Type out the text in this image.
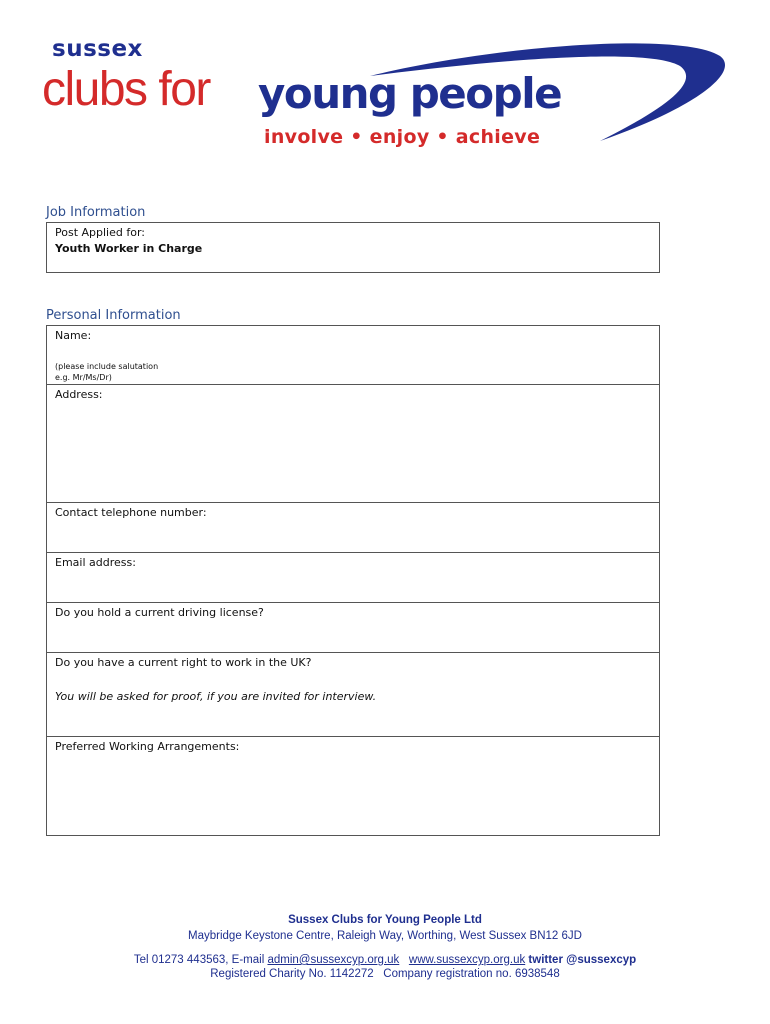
sussex
clubs for young people
involve • enjoy • achieve
Job Information
Post Applied for:
Youth Worker in Charge
Personal Information
Name:
(please include salutation
e.g. Mr/Ms/Dr)
Address:
Contact telephone number:
Email address:
Do you hold a current driving license?
Do you have a current right to work in the UK?
You will be asked for proof, if you are invited for interview.
Preferred Working Arrangements:
Sussex Clubs for Young People Ltd
Maybridge Keystone Centre, Raleigh Way, Worthing, West Sussex BN12 6JD
Tel 01273 443563, E-mail admin@sussexcyp.org.uk www.sussexcyp.org.uk twitter @sussexcyp
Registered Charity No. 1142272 Company registration no. 6938548
